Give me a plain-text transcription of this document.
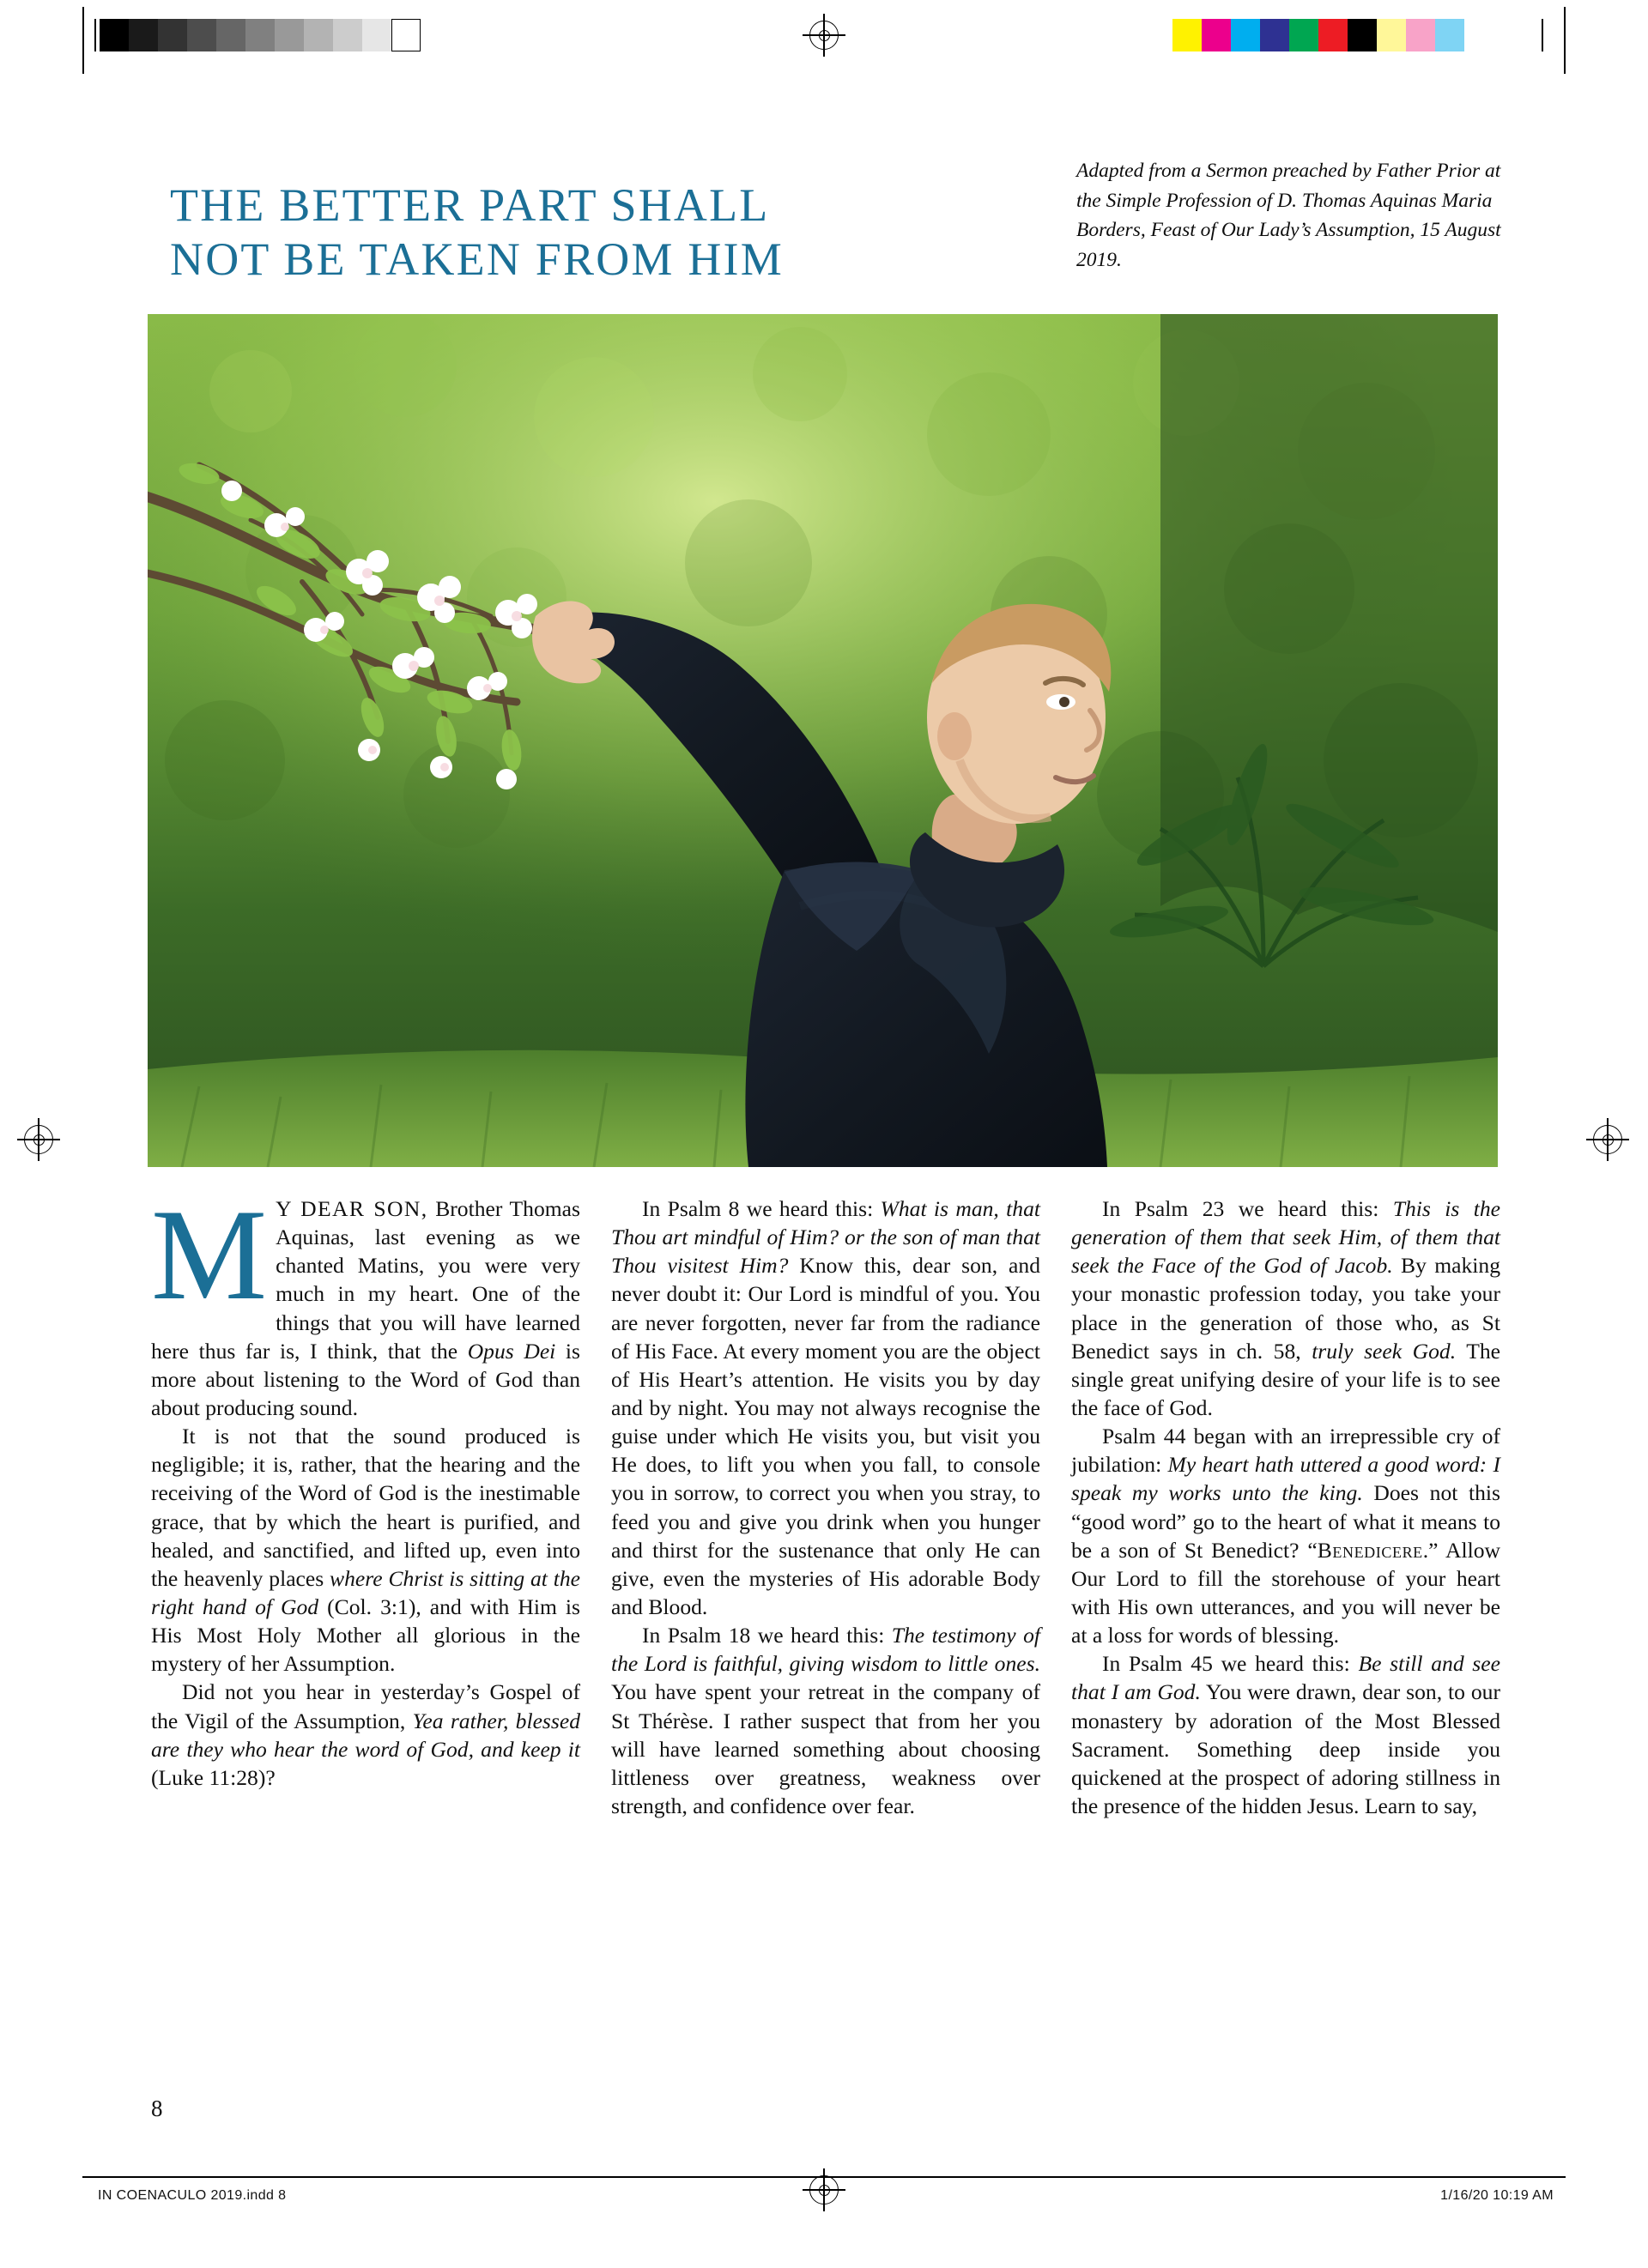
THE BETTER PART SHALL
NOT BE TAKEN FROM HIM
Adapted from a Sermon preached by Father Prior at the Simple Profession of D. Thomas Aquinas Maria Borders, Feast of Our Lady’s Assumption, 15 August 2019.

M Y DEAR SON, Brother Thomas Aquinas, last evening as we chanted Matins, you were very much in my heart. One of the things that you will have learned here thus far is, I think, that the Opus Dei is more about listening to the Word of God than about producing sound.

It is not that the sound produced is negligible; it is, rather, that the hearing and the receiving of the Word of God is the inestimable grace, that by which the heart is purified, and healed, and sanctified, and lifted up, even into the heavenly places where Christ is sitting at the right hand of God (Col. 3:1), and with Him is His Most Holy Mother all glorious in the mystery of her Assumption.

Did not you hear in yesterday’s Gospel of the Vigil of the Assumption, Yea rather, blessed are they who hear the word of God, and keep it (Luke 11:28)?

In Psalm 8 we heard this: What is man, that Thou art mindful of Him? or the son of man that Thou visitest Him? Know this, dear son, and never doubt it: Our Lord is mindful of you. You are never forgotten, never far from the radiance of His Face. At every moment you are the object of His Heart’s attention. He visits you by day and by night. You may not always recognise the guise under which He visits you, but visit you He does, to lift you when you fall, to console you in sorrow, to correct you when you stray, to feed you and give you drink when you hunger and thirst for the sustenance that only He can give, even the mysteries of His adorable Body and Blood.

In Psalm 18 we heard this: The testimony of the Lord is faithful, giving wisdom to little ones. You have spent your retreat in the company of St Thérèse. I rather suspect that from her you will have learned something about choosing littleness over greatness, weakness over strength, and confidence over fear.

In Psalm 23 we heard this: This is the generation of them that seek Him, of them that seek the Face of the God of Jacob. By making your monastic profession today, you take your place in the generation of those who, as St Benedict says in ch. 58, truly seek God. The single great unifying desire of your life is to see the face of God.

Psalm 44 began with an irrepressible cry of jubilation: My heart hath uttered a good word: I speak my works unto the king. Does not this “good word” go to the heart of what it means to be a son of St Benedict? “Benedicere.” Allow Our Lord to fill the storehouse of your heart with His own utterances, and you will never be at a loss for words of blessing.

In Psalm 45 we heard this: Be still and see that I am God. You were drawn, dear son, to our monastery by adoration of the Most Blessed Sacrament. Something deep inside you quickened at the prospect of adoring stillness in the presence of the hidden Jesus. Learn to say,

8
IN COENACULO 2019.indd 8	1/16/20 10:19 AM
